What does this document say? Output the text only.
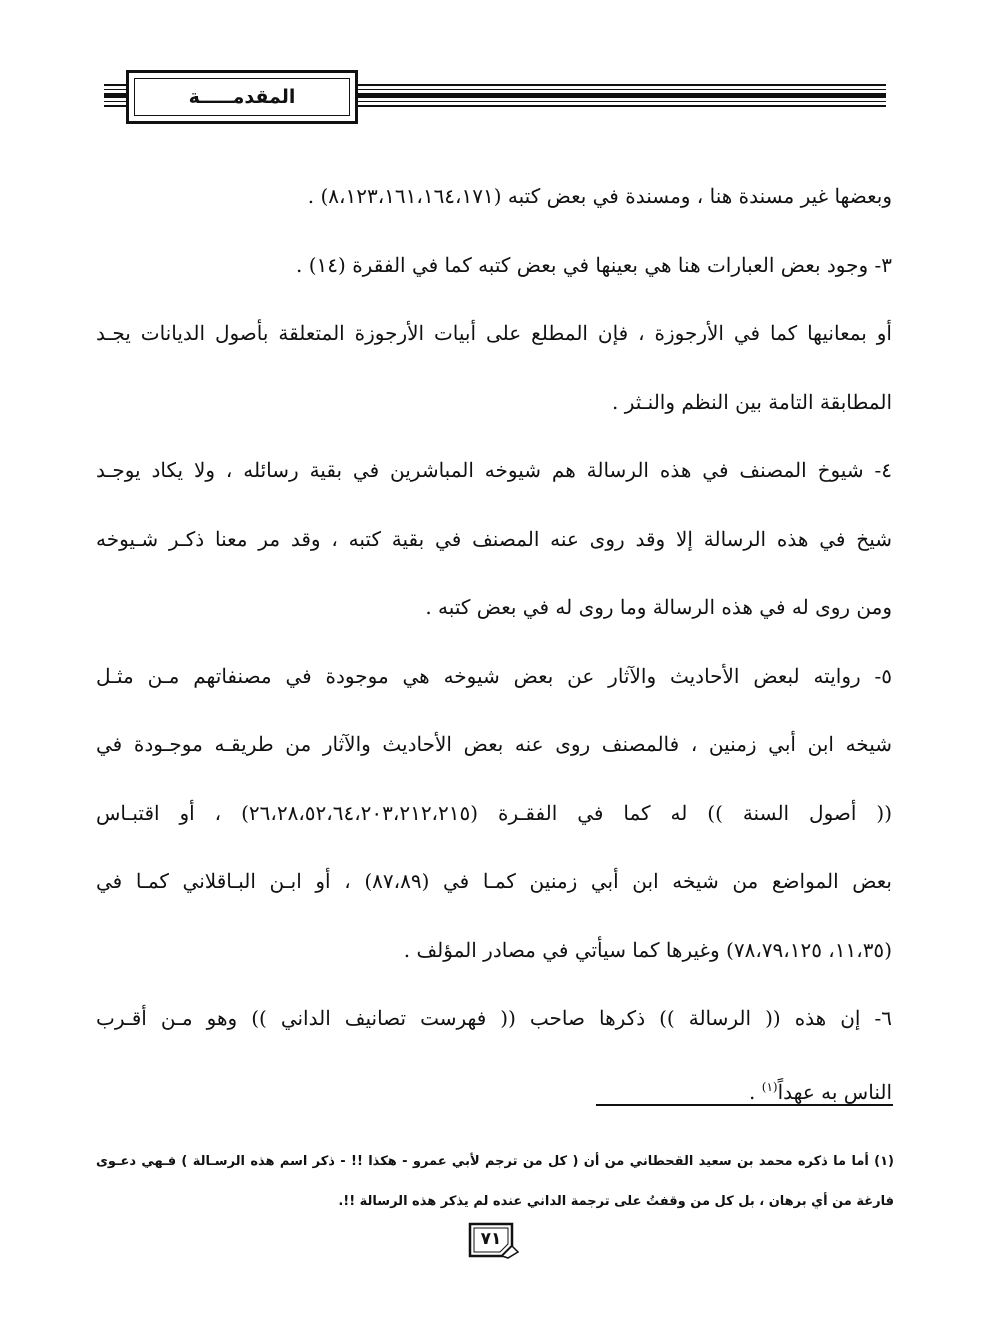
المقدمـــــة
وبعضها غير مسندة هنا ، ومسندة في بعض كتبه (٨،١٢٣،١٦١،١٦٤،١٧١) .
٣- وجود بعض العبارات هنا هي بعينها في بعض كتبه كما في الفقرة (١٤) .
أو بمعانيها كما في الأرجوزة ، فإن المطلع على أبيات الأرجوزة المتعلقة بأصول الديانات يجـد
المطابقة التامة بين النظم والنـثر .
٤- شيوخ المصنف في هذه الرسالة هم شيوخه المباشرين في بقية رسائله ، ولا يكاد يوجـد
شيخ في هذه الرسالة إلا وقد روى عنه المصنف في بقية كتبه ، وقد مر معنا ذكـر شـيوخه
ومن روى له في هذه الرسالة وما روى له في بعض كتبه .
٥- روايته لبعض الأحاديث والآثار عن بعض شيوخه هي موجودة في مصنفاتهم مـن مثـل
شيخه ابن أبي زمنين ، فالمصنف روى عنه بعض الأحاديث والآثار من طريقـه موجـودة في
(( أصول السنة )) له كما في الفقـرة (٢٦،٢٨،٥٢،٦٤،٢٠٣،٢١٢،٢١٥) ، أو اقتبـاس
بعض المواضع من شيخه ابن أبي زمنين كمـا في (٨٧،٨٩) ، أو ابـن البـاقلاني كمـا في
(١١،٣٥، ٧٨،٧٩،١٢٥) وغيرها كما سيأتي في مصادر المؤلف .
٦- إن هذه (( الرسالة )) ذكرها صاحب (( فهرست تصانيف الداني )) وهو مـن أقـرب
الناس به عهداً$^{(١)}$ .
(١) أما ما ذكره محمد بن سعيد القحطاني من أن ( كل من ترجم لأبي عمرو - هكذا !! - ذكر اسم هذه الرسـالة ) فـهي دعـوى
فارغة من أي برهان ، بل كل من وقفتُ على ترجمة الداني عنده لم يذكر هذه الرسالة !!.
٧١
